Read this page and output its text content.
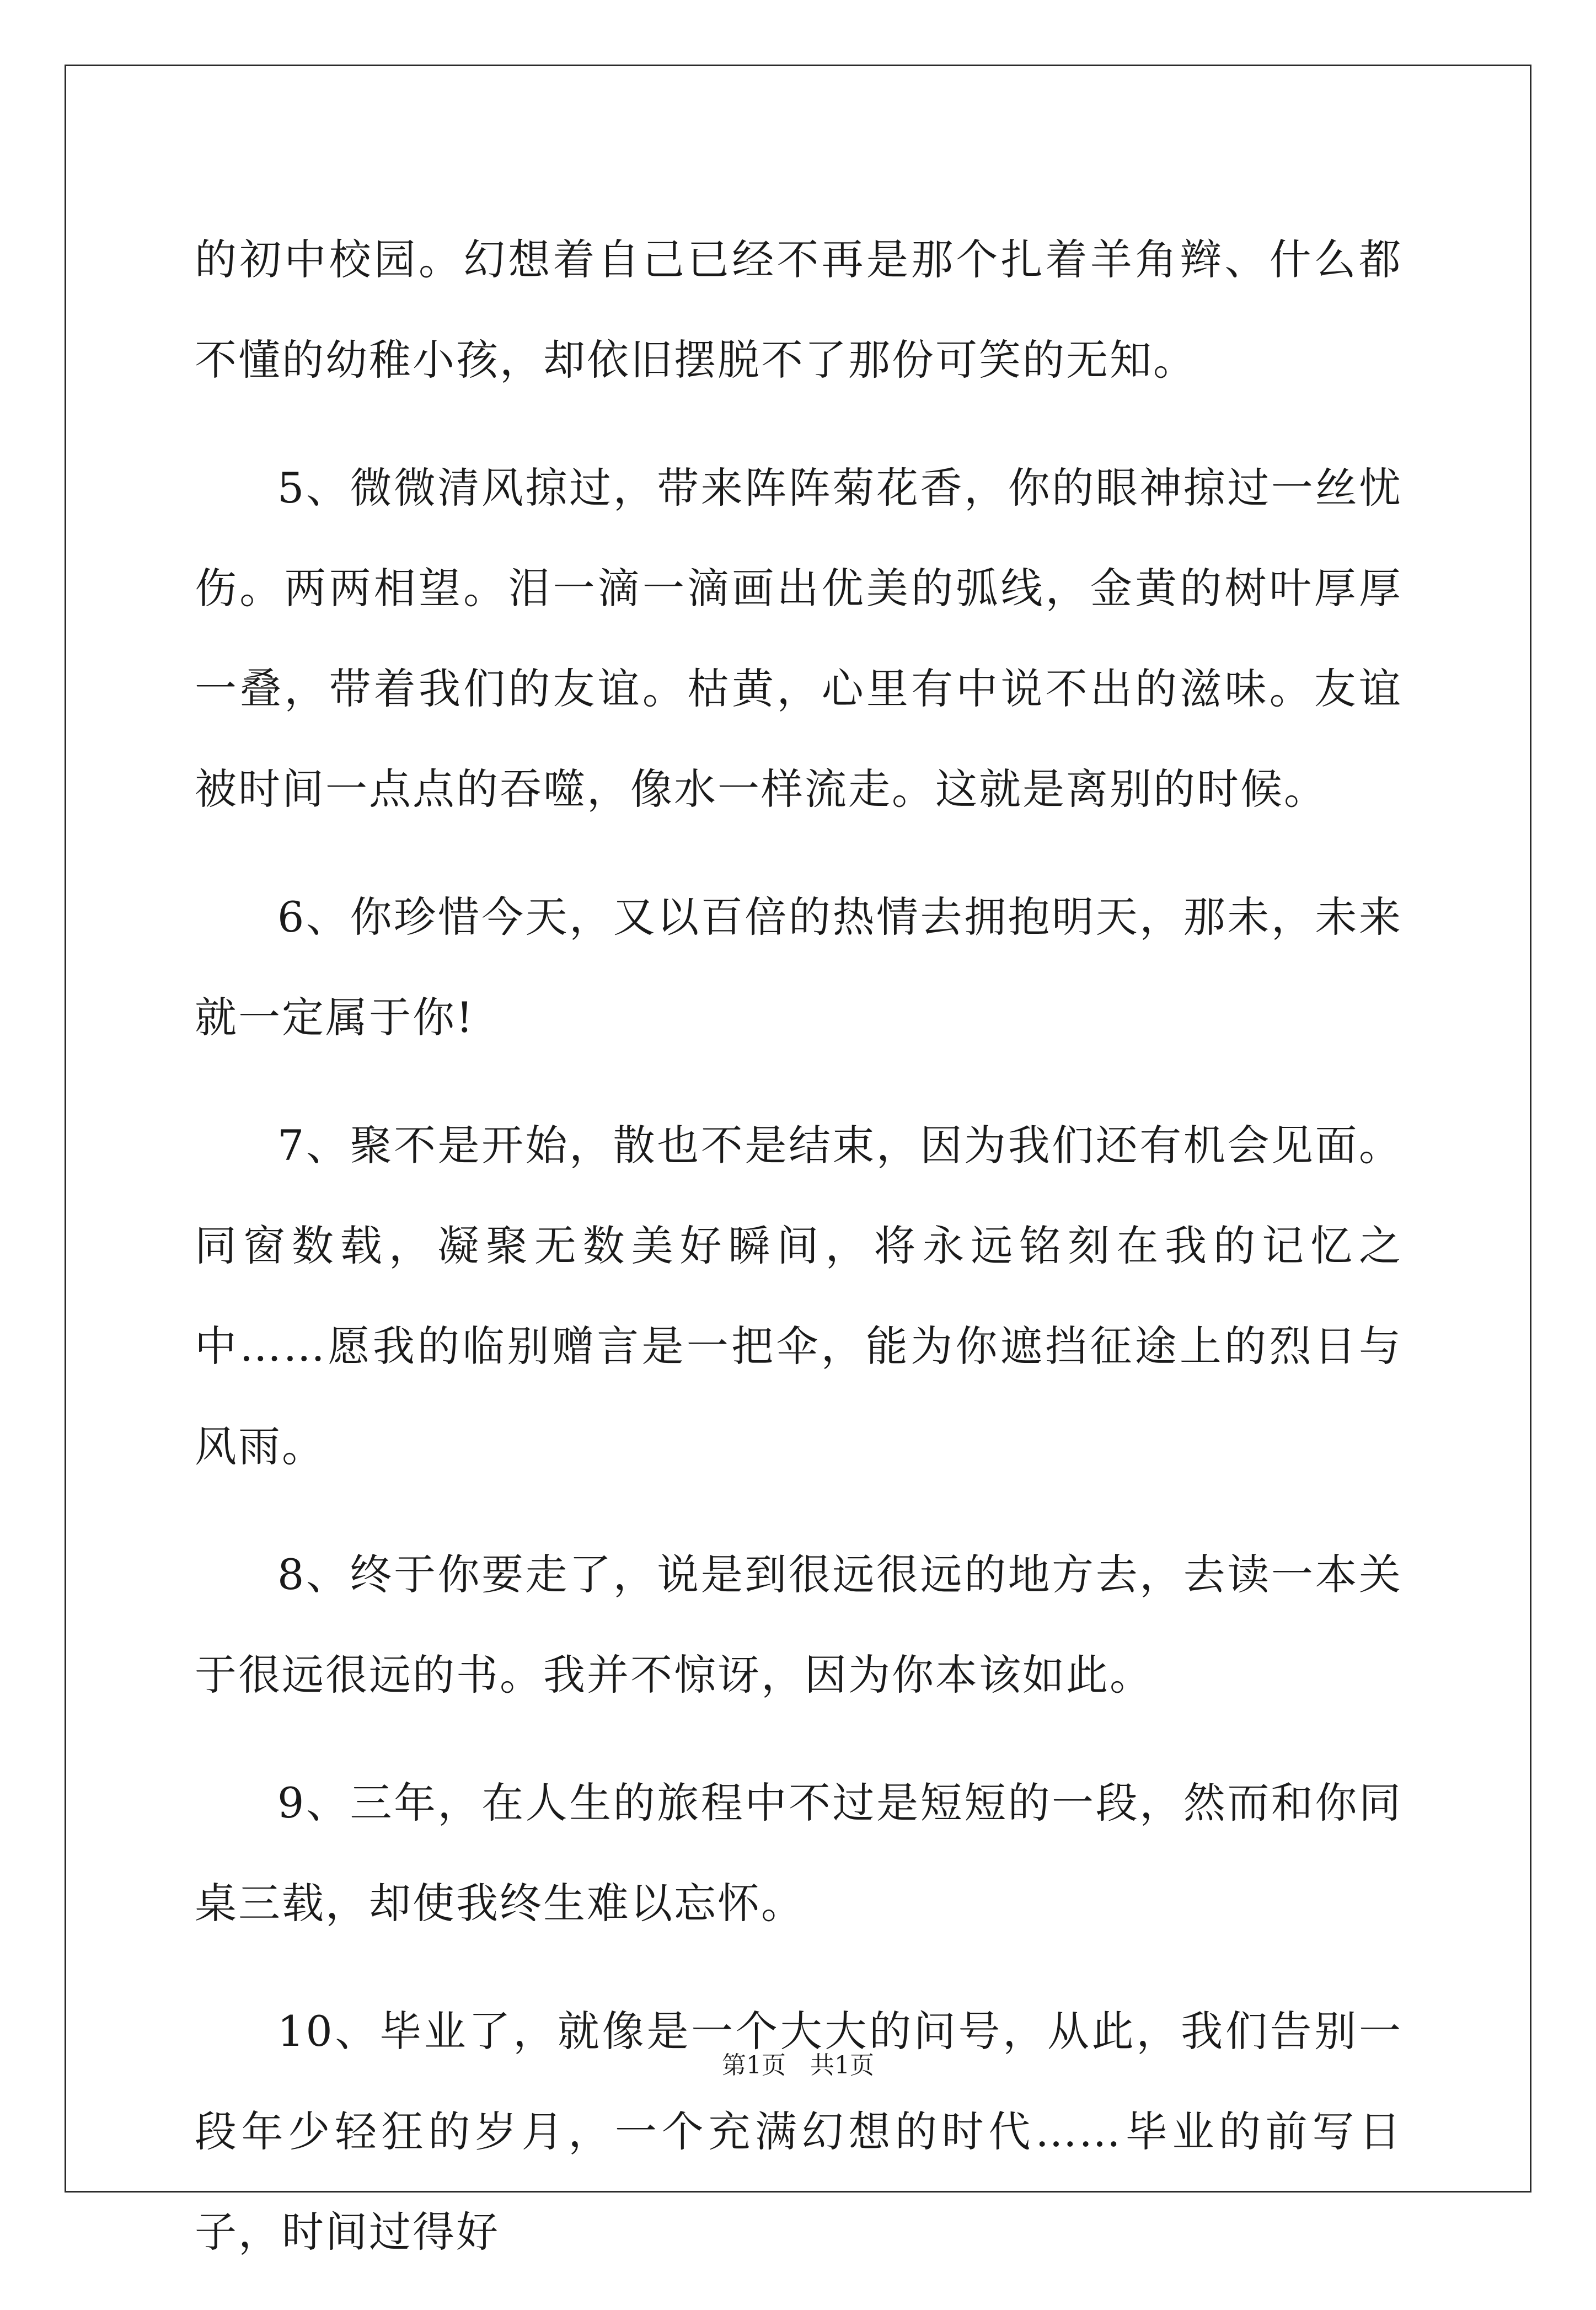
的初中校园。幻想着自己已经不再是那个扎着羊角辫、什么都不懂的幼稚小孩，却依旧摆脱不了那份可笑的无知。

5、微微清风掠过，带来阵阵菊花香，你的眼神掠过一丝忧伤。两两相望。泪一滴一滴画出优美的弧线，金黄的树叶厚厚一叠，带着我们的友谊。枯黄，心里有中说不出的滋味。友谊被时间一点点的吞噬，像水一样流走。这就是离别的时候。

6、你珍惜今天，又以百倍的热情去拥抱明天，那未，未来就一定属于你!

7、聚不是开始，散也不是结束，因为我们还有机会见面。同窗数载，凝聚无数美好瞬间，将永远铭刻在我的记忆之中……愿我的临别赠言是一把伞，能为你遮挡征途上的烈日与风雨。

8、终于你要走了，说是到很远很远的地方去，去读一本关于很远很远的书。我并不惊讶，因为你本该如此。

9、三年，在人生的旅程中不过是短短的一段，然而和你同桌三载，却使我终生难以忘怀。

10、毕业了，就像是一个大大的问号，从此，我们告别一段年少轻狂的岁月，一个充满幻想的时代……毕业的前写日子，时间过得好

第1页　共1页
